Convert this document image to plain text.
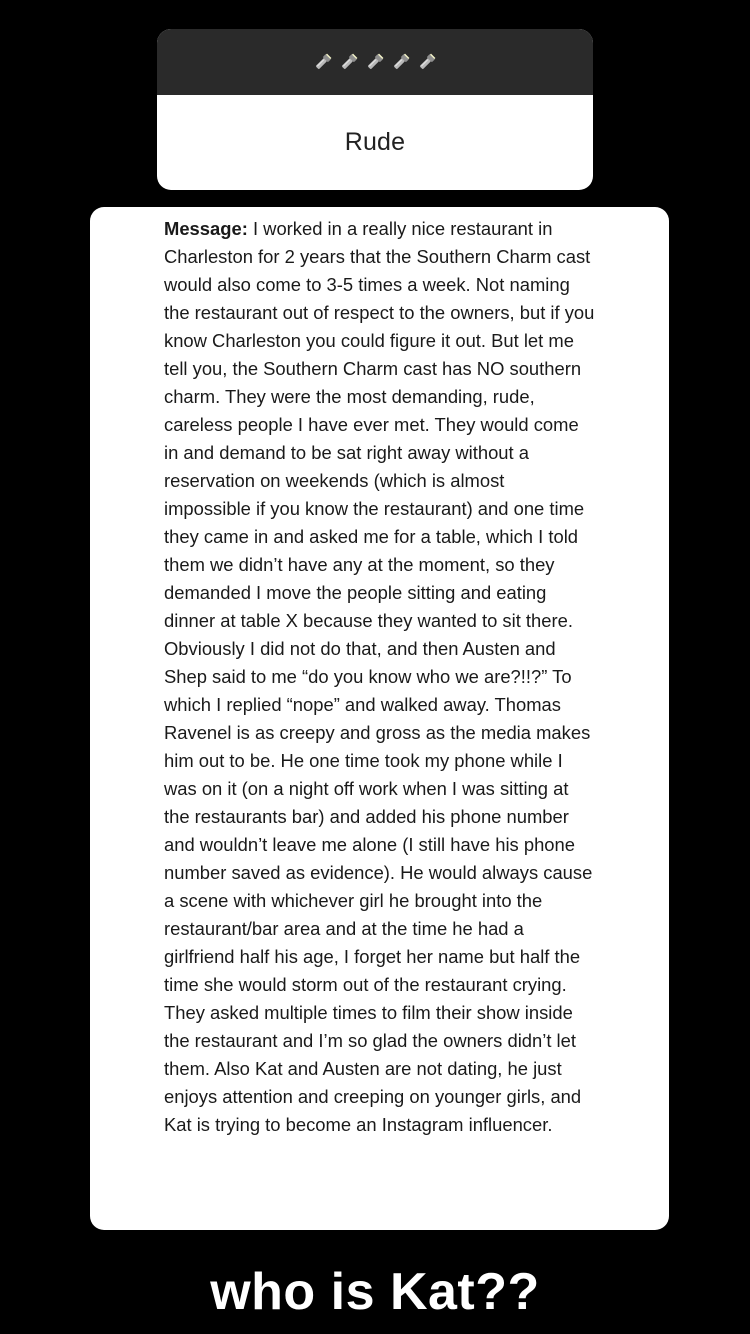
Rude

Message: I worked in a really nice restaurant in Charleston for 2 years that the Southern Charm cast would also come to 3-5 times a week. Not naming the restaurant out of respect to the owners, but if you know Charleston you could figure it out. But let me tell you, the Southern Charm cast has NO southern charm. They were the most demanding, rude, careless people I have ever met. They would come in and demand to be sat right away without a reservation on weekends (which is almost impossible if you know the restaurant) and one time they came in and asked me for a table, which I told them we didn’t have any at the moment, so they demanded I move the people sitting and eating dinner at table X because they wanted to sit there. Obviously I did not do that, and then Austen and Shep said to me “do you know who we are?!!?” To which I replied “nope” and walked away. Thomas Ravenel is as creepy and gross as the media makes him out to be. He one time took my phone while I was on it (on a night off work when I was sitting at the restaurants bar) and added his phone number and wouldn’t leave me alone (I still have his phone number saved as evidence). He would always cause a scene with whichever girl he brought into the restaurant/bar area and at the time he had a girlfriend half his age, I forget her name but half the time she would storm out of the restaurant crying. They asked multiple times to film their show inside the restaurant and I’m so glad the owners didn’t let them. Also Kat and Austen are not dating, he just enjoys attention and creeping on younger girls, and Kat is trying to become an Instagram influencer.

who is Kat??
